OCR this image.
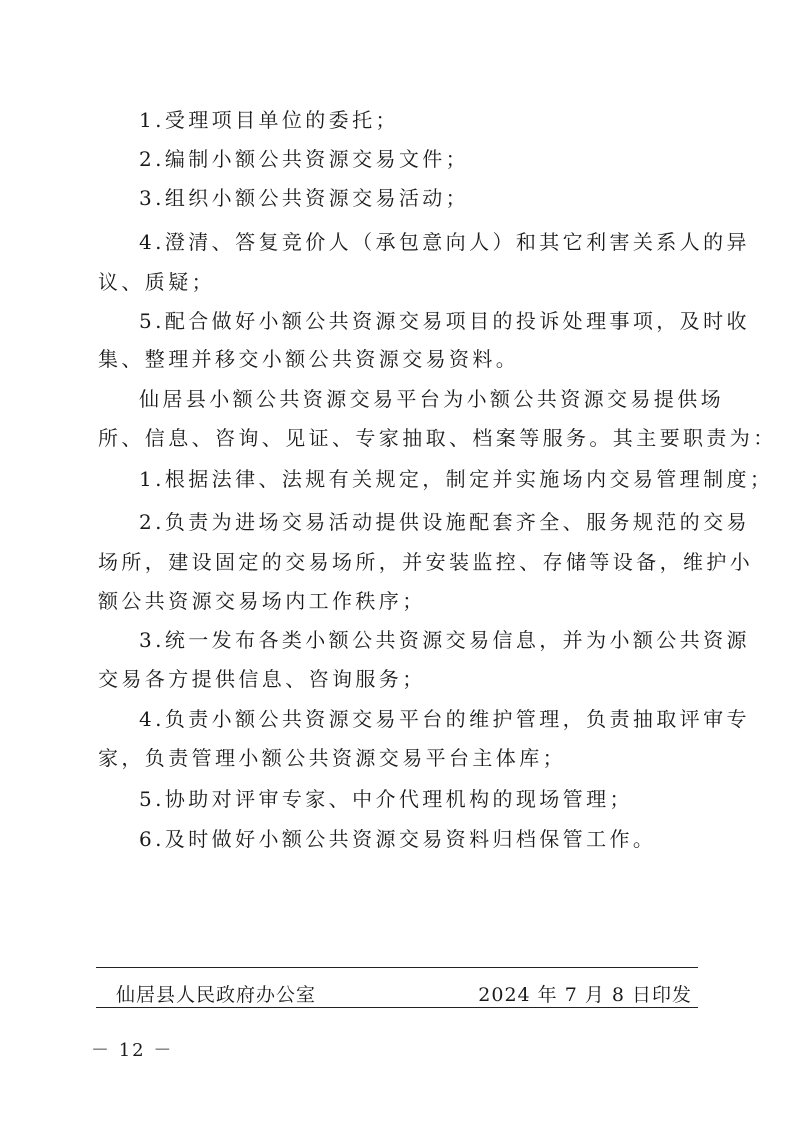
1.受理项目单位的委托；
2.编制小额公共资源交易文件；
3.组织小额公共资源交易活动；
4.澄清、答复竞价人（承包意向人）和其它利害关系人的异
议、质疑；
5.配合做好小额公共资源交易项目的投诉处理事项，及时收
集、整理并移交小额公共资源交易资料。
仙居县小额公共资源交易平台为小额公共资源交易提供场
所、信息、咨询、见证、专家抽取、档案等服务。其主要职责为：
1.根据法律、法规有关规定，制定并实施场内交易管理制度；
2.负责为进场交易活动提供设施配套齐全、服务规范的交易
场所，建设固定的交易场所，并安装监控、存储等设备，维护小
额公共资源交易场内工作秩序；
3.统一发布各类小额公共资源交易信息，并为小额公共资源
交易各方提供信息、咨询服务；
4.负责小额公共资源交易平台的维护管理，负责抽取评审专
家，负责管理小额公共资源交易平台主体库；
5.协助对评审专家、中介代理机构的现场管理；
6.及时做好小额公共资源交易资料归档保管工作。
仙居县人民政府办公室	2024 年 7 月 8 日印发
－ 12 －
